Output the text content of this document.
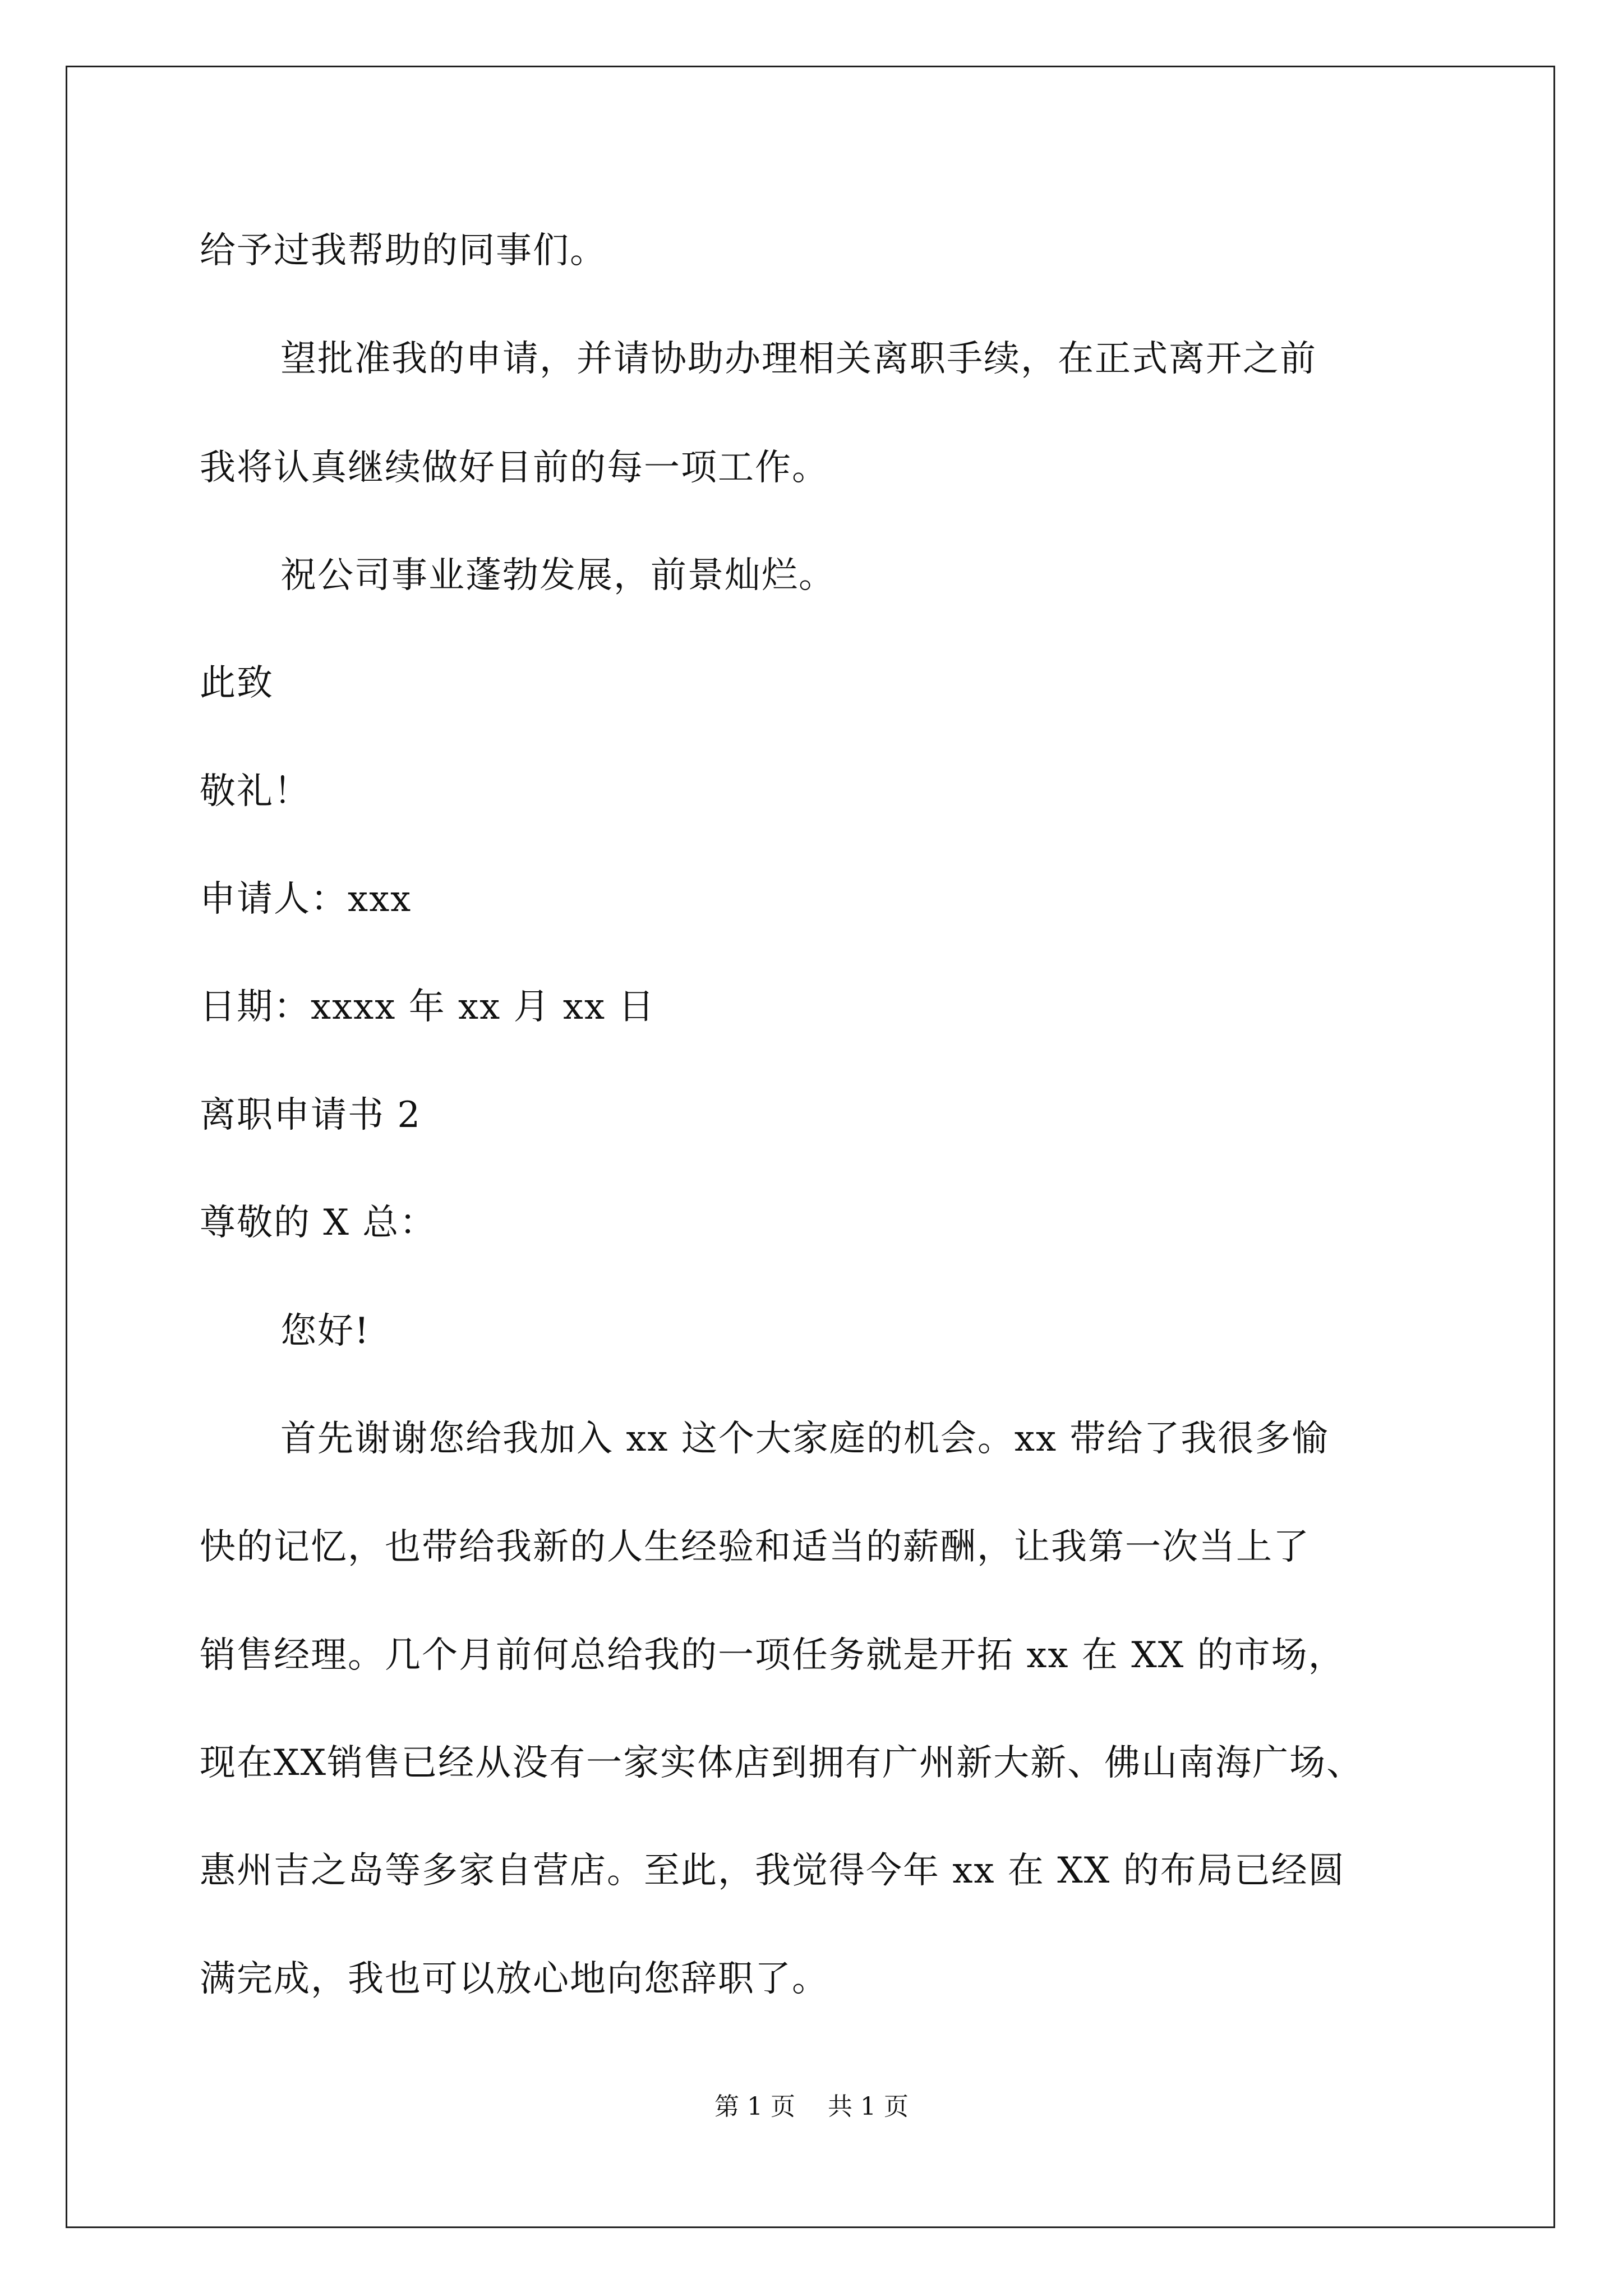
给予过我帮助的同事们。
望批准我的申请，并请协助办理相关离职手续，在正式离开之前
我将认真继续做好目前的每一项工作。
祝公司事业蓬勃发展，前景灿烂。
此致
敬礼！
申请人：xxx
日期：xxxx 年 xx 月 xx 日
离职申请书 2
尊敬的 X 总：
您好!
首先谢谢您给我加入 xx 这个大家庭的机会。xx 带给了我很多愉
快的记忆，也带给我新的人生经验和适当的薪酬，让我第一次当上了
销售经理。几个月前何总给我的一项任务就是开拓 xx 在 XX 的市场，
现在XX销售已经从没有一家实体店到拥有广州新大新、佛山南海广场、
惠州吉之岛等多家自营店。至此，我觉得今年 xx 在 XX 的布局已经圆
满完成，我也可以放心地向您辞职了。
第 1 页 共 1 页
